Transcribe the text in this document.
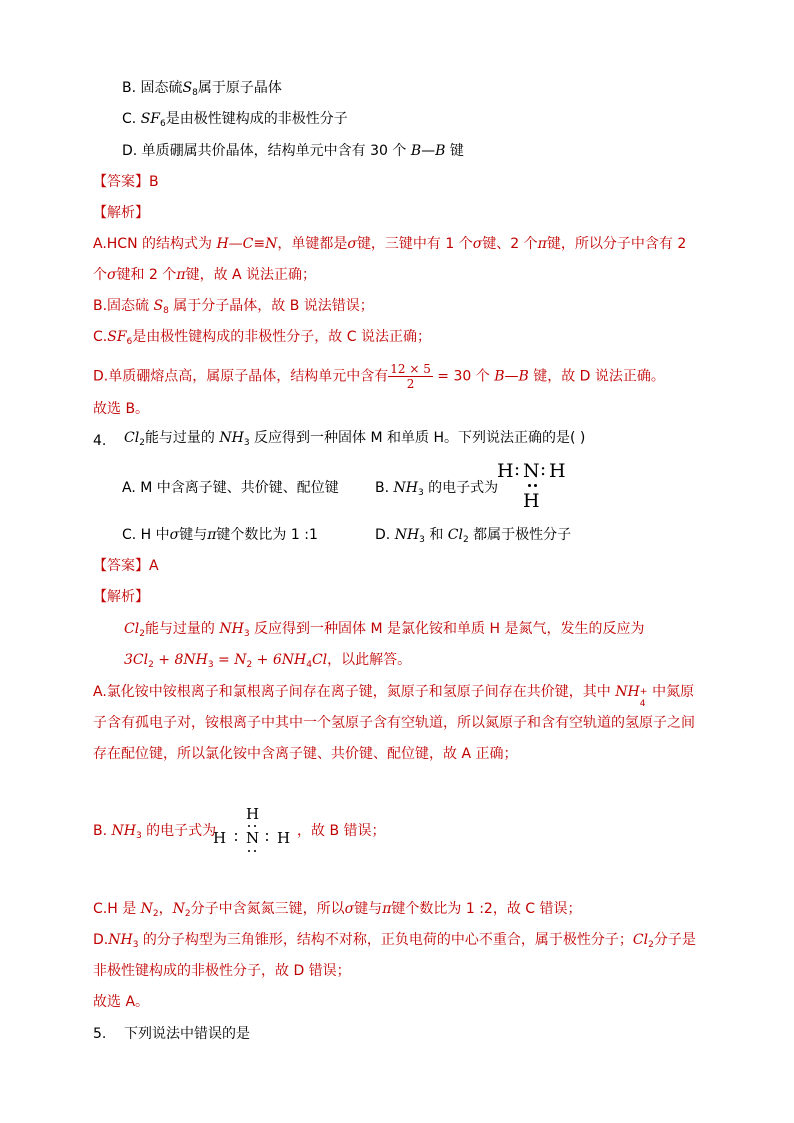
B. 固态硫$S_8$属于原子晶体
C. $SF_6$是由极性键构成的非极性分子
D. 单质硼属共价晶体，结构单元中含有 30 个 B—B 键
【答案】B
【解析】
A.HCN 的结构式为 H—C≡N，单键都是σ键，三键中有 1 个σ键、2 个π键，所以分子中含有 2
个σ键和 2 个π键，故 A 说法正确；
B.固态硫 $S_8$ 属于分子晶体，故 B 说法错误；
$C.SF_6$是由极性键构成的非极性分子，故 C 说法正确；
D.单质硼熔点高，属原子晶体，结构单元中含有 $\frac{12 \times 5}{2} = 30$ 个 B—B 键，故 D 说法正确。
故选 B。
4. $Cl_2$能与过量的 $NH_3$ 反应得到一种固体 M 和单质 H。下列说法正确的是( )
A. M 中含离子键、共价键、配位键	B. $NH_3$ 的电子式为
H : N : H
H
C. H 中σ键与π键个数比为 1 :1	D. $NH_3$ 和 $Cl_2$ 都属于极性分子
【答案】A
【解析】
$Cl_2$能与过量的 $NH_3$ 反应得到一种固体 M 是氯化铵和单质 H 是氮气，发生的反应为
$3Cl_2 + 8NH_3 = N_2 + 6NH_4Cl$，以此解答。
A.氯化铵中铵根离子和氯根离子间存在离子键，氮原子和氢原子间存在共价键，其中 NH +
4
中氮原
子含有孤电子对，铵根离子中其中一个氢原子含有空轨道，所以氮原子和含有空轨道的氢原子之间
存在配位键，所以氯化铵中含离子键、共价键、配位键，故 A 正确；
B. $NH_3$ 的电子式为
H
H N H ，故 B 错误；
C.H 是 $N_2$，$N_2$分子中含氮氮三键，所以σ键与π键个数比为 1 :2，故 C 错误；
$D.NH_3$ 的分子构型为三角锥形，结构不对称，正负电荷的中心不重合，属于极性分子；$Cl_2$分子是
非极性键构成的非极性分子，故 D 错误；
故选 A。
5. 下列说法中错误的是
